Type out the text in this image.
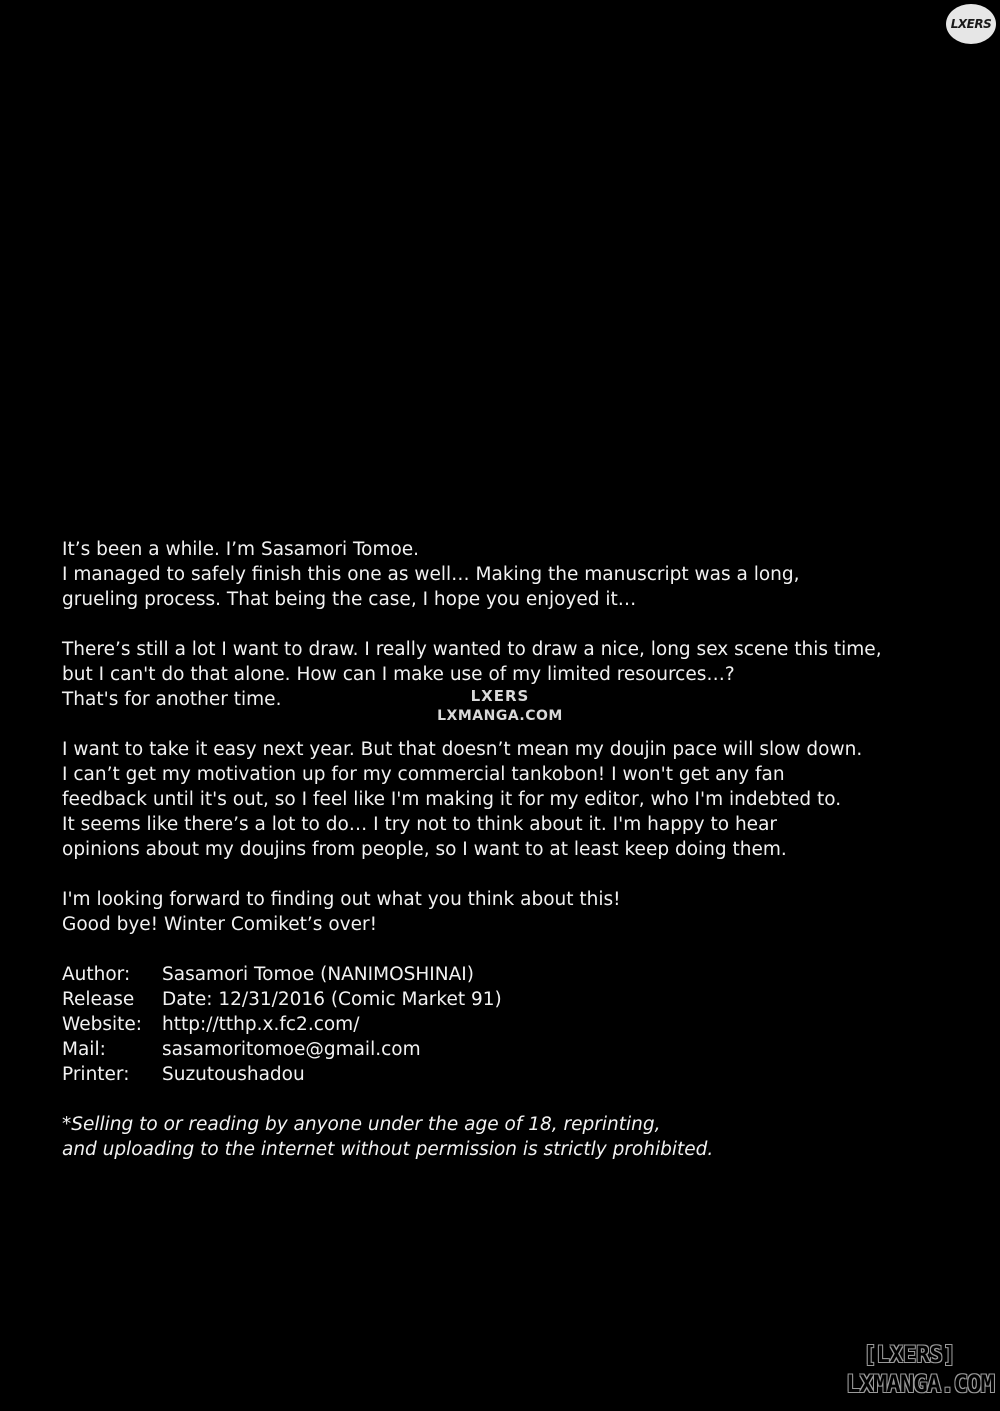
LXERS
It’s been a while. I’m Sasamori Tomoe.
I managed to safely finish this one as well… Making the manuscript was a long,
grueling process. That being the case, I hope you enjoyed it…
There’s still a lot I want to draw. I really wanted to draw a nice, long sex scene this time,
but I can't do that alone. How can I make use of my limited resources…?
That's for another time.
I want to take it easy next year. But that doesn’t mean my doujin pace will slow down.
I can’t get my motivation up for my commercial tankobon! I won't get any fan
feedback until it's out, so I feel like I'm making it for my editor, who I'm indebted to.
It seems like there’s a lot to do… I try not to think about it. I'm happy to hear
opinions about my doujins from people, so I want to at least keep doing them.
I'm looking forward to finding out what you think about this!
Good bye! Winter Comiket’s over!
Author:	Sasamori Tomoe (NANIMOSHINAI)
Release	Date: 12/31/2016 (Comic Market 91)
Website:	http://tthp.x.fc2.com/
Mail:	sasamoritomoe@gmail.com
Printer:	Suzutoushadou
*Selling to or reading by anyone under the age of 18, reprinting,
and uploading to the internet without permission is strictly prohibited.
LXERS
LXMANGA.COM
[LXERS]
LXMANGA.COM
